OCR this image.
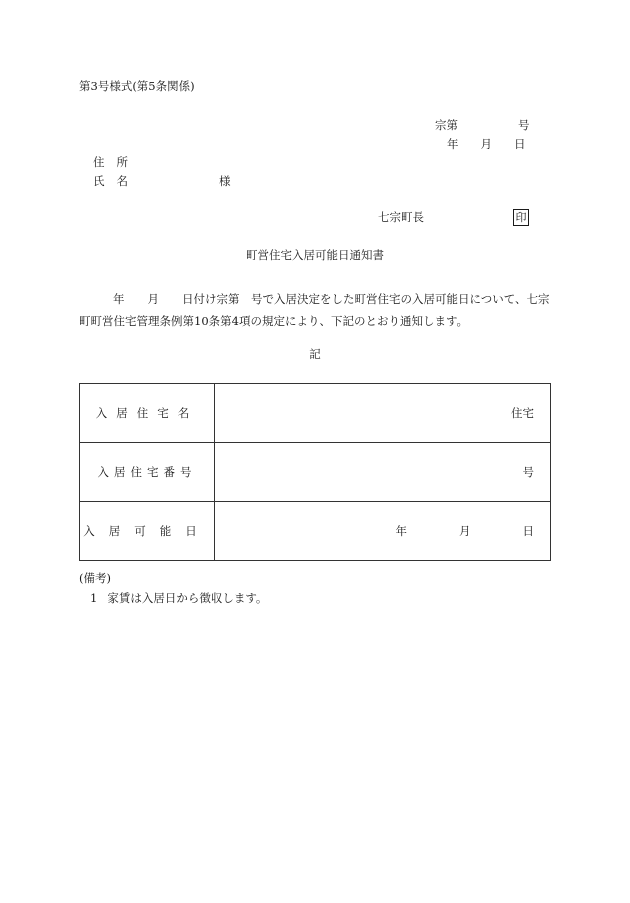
第3号様式(第5条関係)
宗第	号
年 月 日
住 所
氏 名	様
七宗町長	印
町営住宅入居可能日通知書
年　　月　　日付け宗第　号で入居決定をした町営住宅の入居可能日について、七宗町町営住宅管理条例第10条第4項の規定により、下記のとおり通知します。
記
入居住宅名	住宅
入居住宅番号	号
入居可能日	年 月 日
(備考)
1 家賃は入居日から徴収します。
